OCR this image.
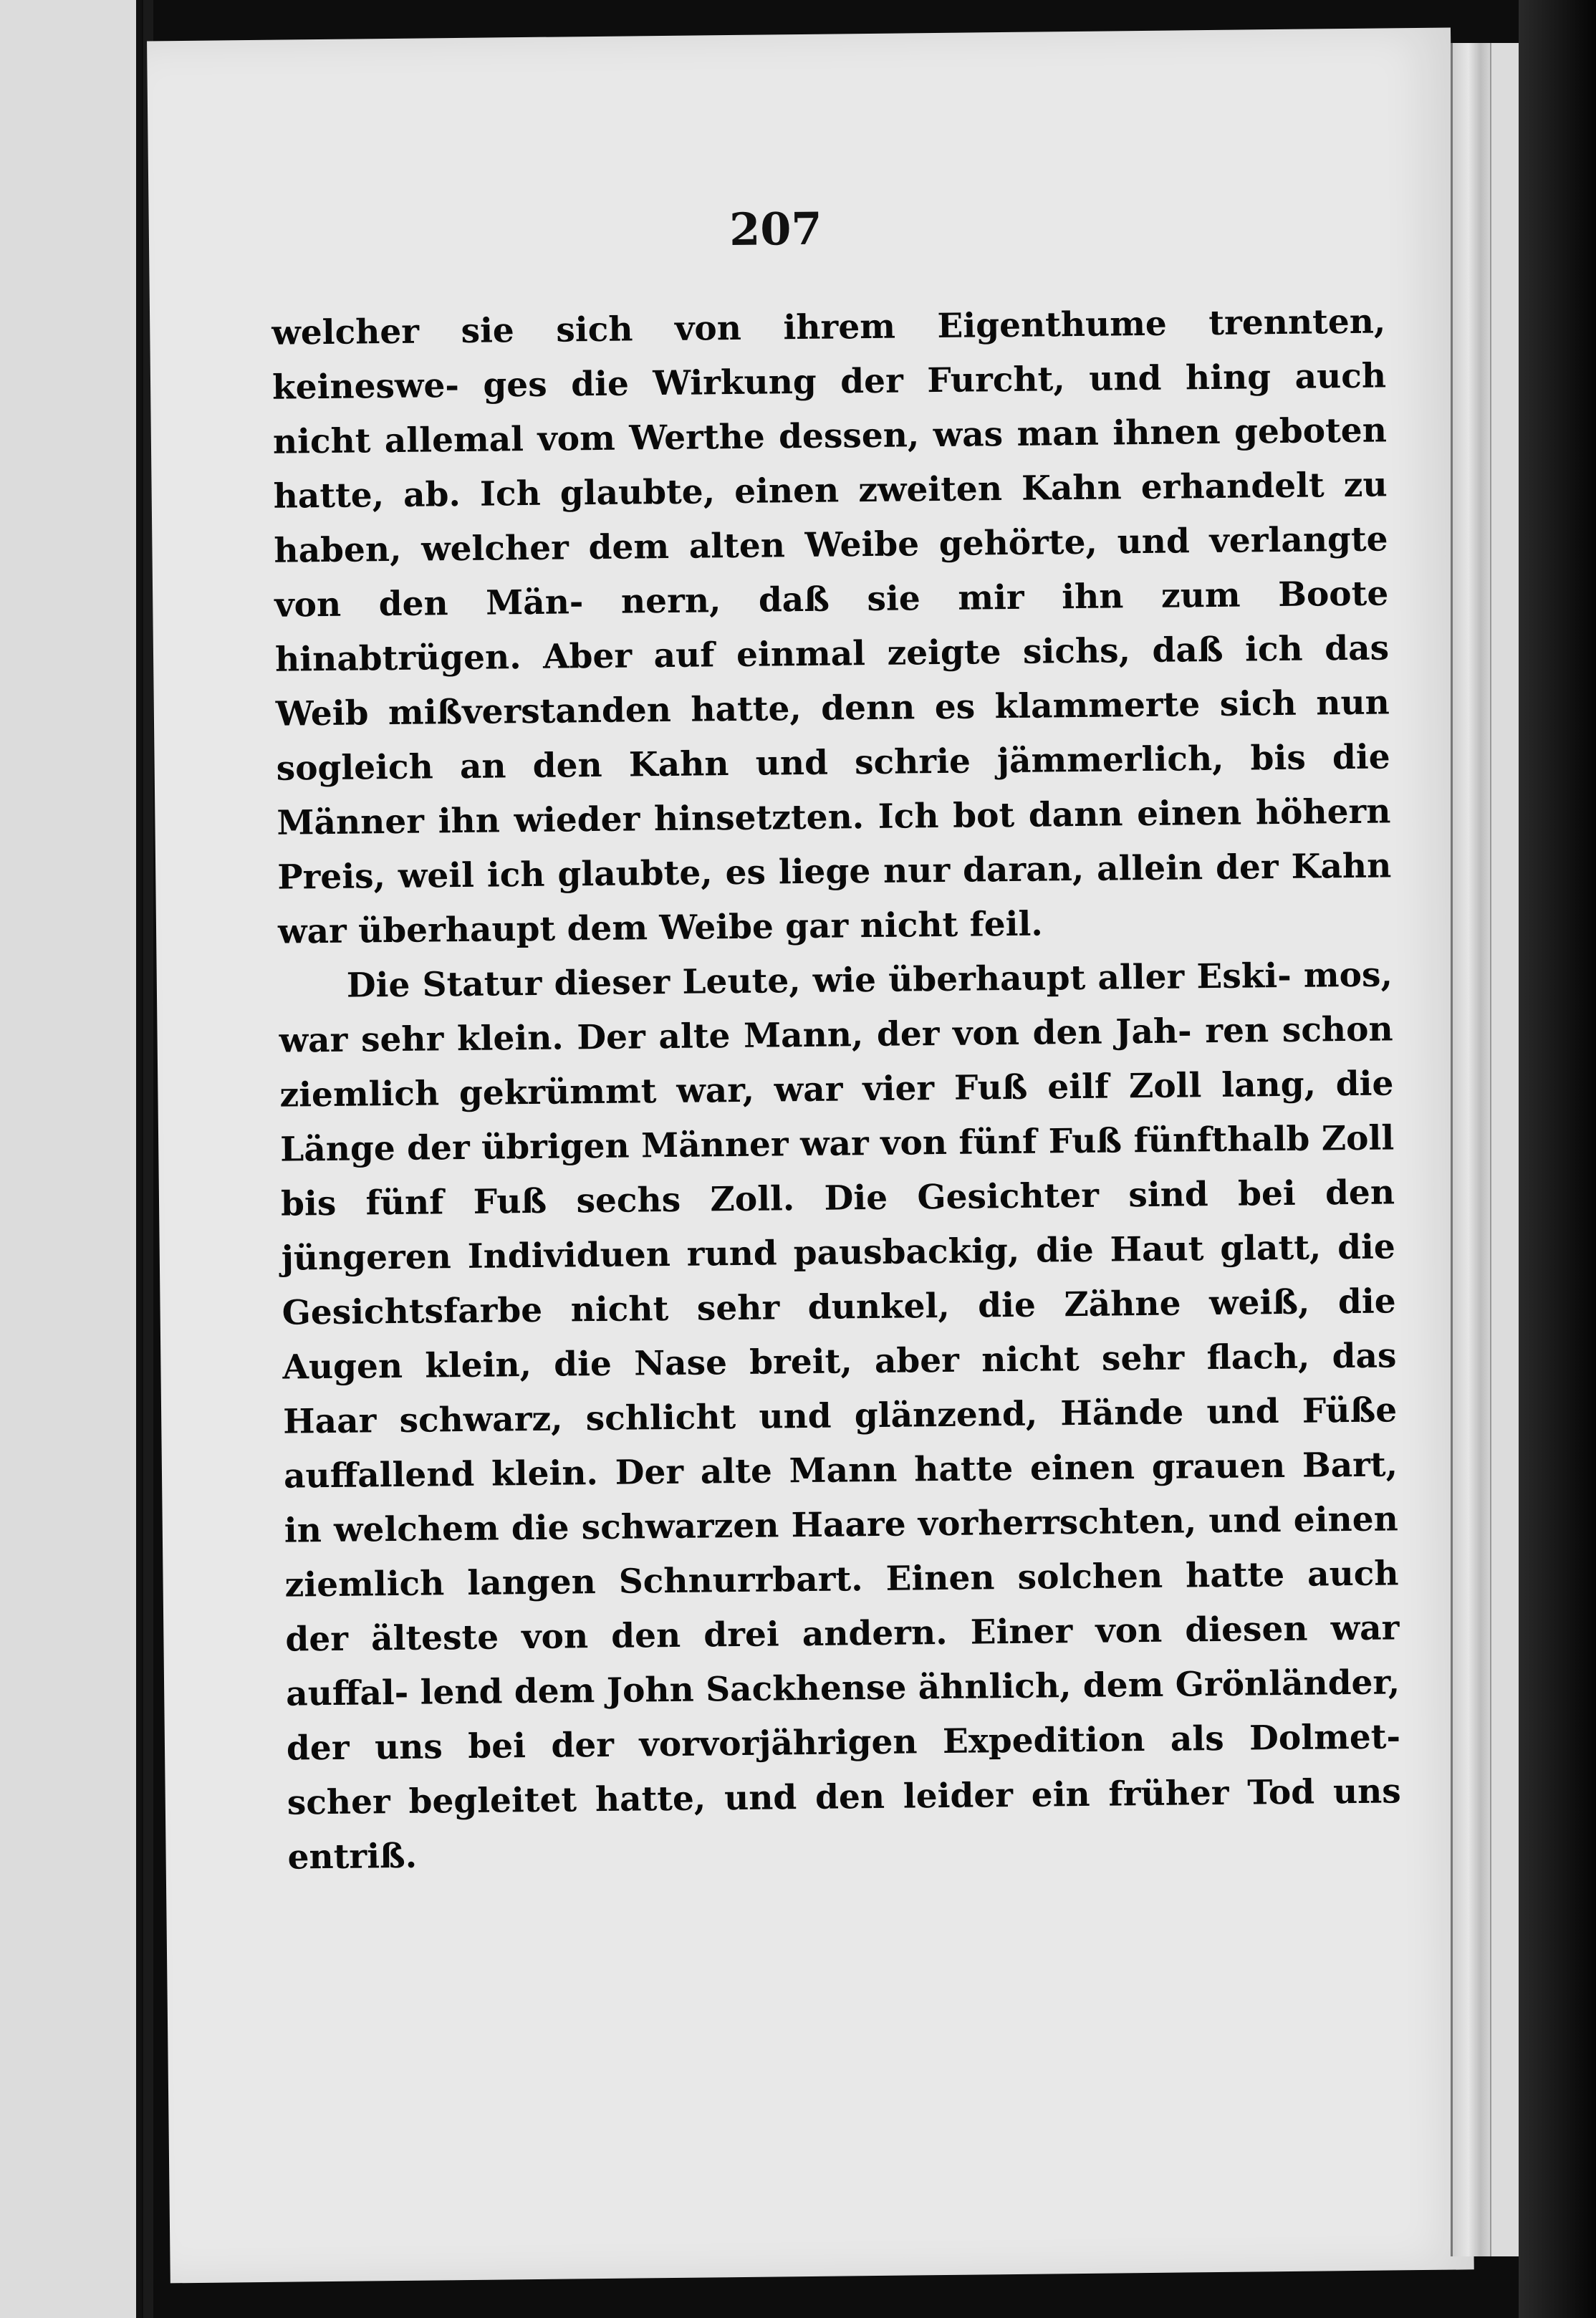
207

welcher sie sich von ihrem Eigenthume trennten, keineswe- ges die Wirkung der Furcht, und hing auch nicht allemal vom Werthe dessen, was man ihnen geboten hatte, ab. Ich glaubte, einen zweiten Kahn erhandelt zu haben, welcher dem alten Weibe gehörte, und verlangte von den Män- nern, daß sie mir ihn zum Boote hinabtrügen. Aber auf einmal zeigte sichs, daß ich das Weib mißverstanden hatte, denn es klammerte sich nun sogleich an den Kahn und schrie jämmerlich, bis die Männer ihn wieder hinsetzten. Ich bot dann einen höhern Preis, weil ich glaubte, es liege nur daran, allein der Kahn war überhaupt dem Weibe gar nicht feil.

Die Statur dieser Leute, wie überhaupt aller Eski- mos, war sehr klein. Der alte Mann, der von den Jah- ren schon ziemlich gekrümmt war, war vier Fuß eilf Zoll lang, die Länge der übrigen Männer war von fünf Fuß fünfthalb Zoll bis fünf Fuß sechs Zoll. Die Gesichter sind bei den jüngeren Individuen rund pausbackig, die Haut glatt, die Gesichtsfarbe nicht sehr dunkel, die Zähne weiß, die Augen klein, die Nase breit, aber nicht sehr flach, das Haar schwarz, schlicht und glänzend, Hände und Füße auffallend klein. Der alte Mann hatte einen grauen Bart, in welchem die schwarzen Haare vorherrschten, und einen ziemlich langen Schnurrbart. Einen solchen hatte auch der älteste von den drei andern. Einer von diesen war auffal- lend dem John Sackhense ähnlich, dem Grönländer, der uns bei der vorvorjährigen Expedition als Dolmet- scher begleitet hatte, und den leider ein früher Tod uns entriß.
